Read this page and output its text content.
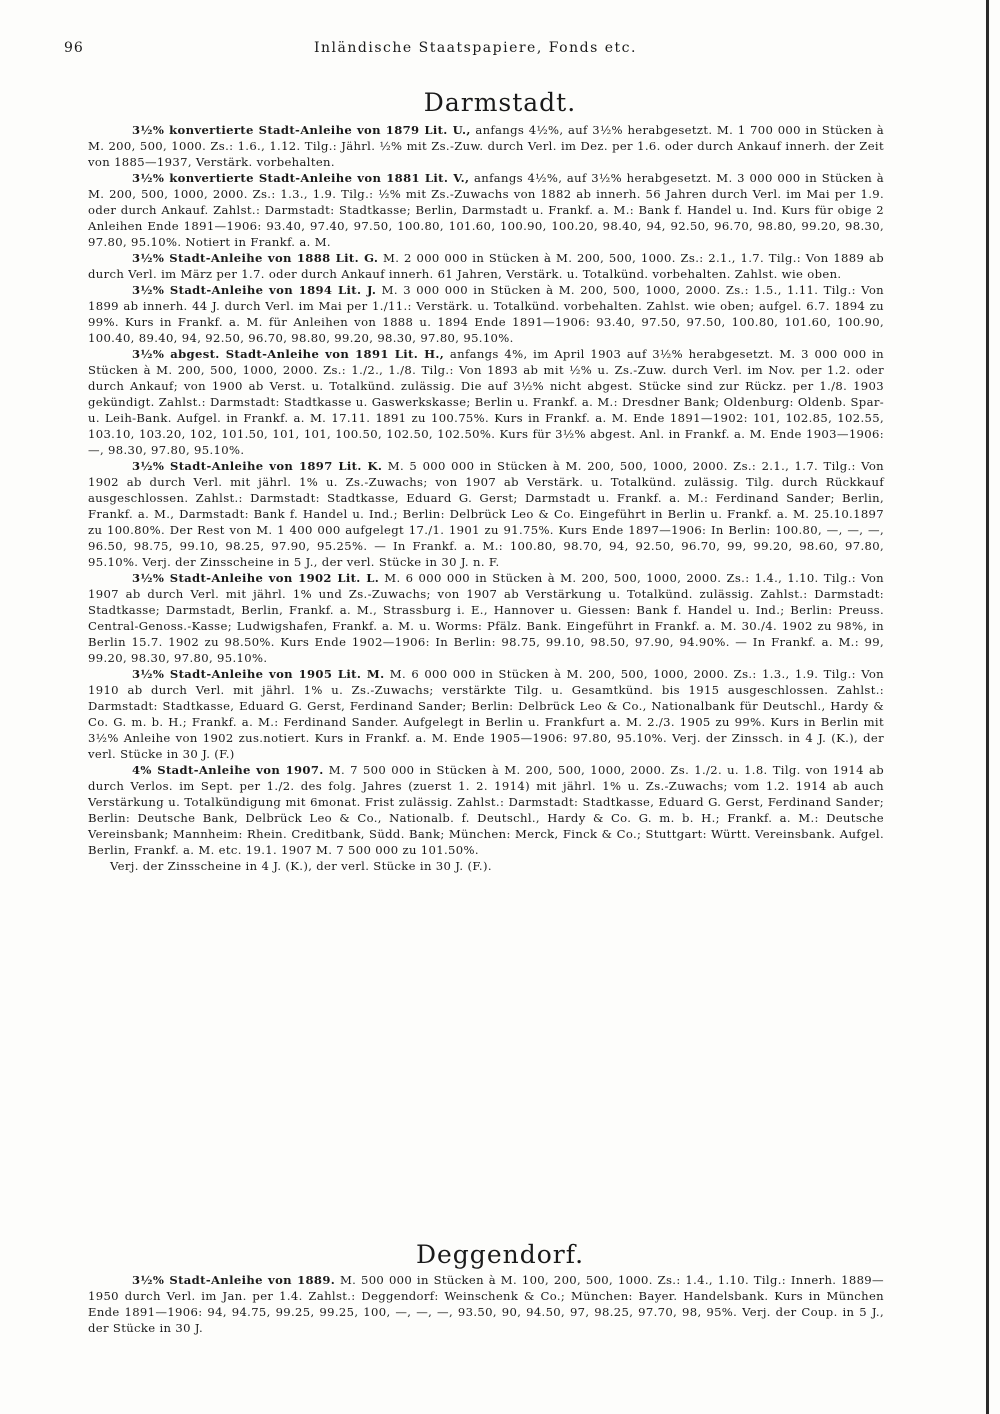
96	Inländische Staatspapiere, Fonds etc.
Darmstadt.

3½% konvertierte Stadt-Anleihe von 1879 Lit. U., anfangs 4½%, auf 3½% herabgesetzt. M. 1 700 000 in Stücken à M. 200, 500, 1000. Zs.: 1.6., 1.12. Tilg.: Jährl. ½% mit Zs.-Zuw. durch Verl. im Dez. per 1.6. oder durch Ankauf innerh. der Zeit von 1885—1937, Verstärk. vorbehalten.

3½% konvertierte Stadt-Anleihe von 1881 Lit. V., anfangs 4½%, auf 3½% herabgesetzt. M. 3 000 000 in Stücken à M. 200, 500, 1000, 2000. Zs.: 1.3., 1.9. Tilg.: ½% mit Zs.-Zuwachs von 1882 ab innerh. 56 Jahren durch Verl. im Mai per 1.9. oder durch Ankauf. Zahlst.: Darmstadt: Stadtkasse; Berlin, Darmstadt u. Frankf. a. M.: Bank f. Handel u. Ind. Kurs für obige 2 Anleihen Ende 1891—1906: 93.40, 97.40, 97.50, 100.80, 101.60, 100.90, 100.20, 98.40, 94, 92.50, 96.70, 98.80, 99.20, 98.30, 97.80, 95.10%. Notiert in Frankf. a. M.

3½% Stadt-Anleihe von 1888 Lit. G. M. 2 000 000 in Stücken à M. 200, 500, 1000. Zs.: 2.1., 1.7. Tilg.: Von 1889 ab durch Verl. im März per 1.7. oder durch Ankauf innerh. 61 Jahren, Verstärk. u. Totalkünd. vorbehalten. Zahlst. wie oben.

3½% Stadt-Anleihe von 1894 Lit. J. M. 3 000 000 in Stücken à M. 200, 500, 1000, 2000. Zs.: 1.5., 1.11. Tilg.: Von 1899 ab innerh. 44 J. durch Verl. im Mai per 1./11.: Verstärk. u. Totalkünd. vorbehalten. Zahlst. wie oben; aufgel. 6.7. 1894 zu 99%. Kurs in Frankf. a. M. für Anleihen von 1888 u. 1894 Ende 1891—1906: 93.40, 97.50, 97.50, 100.80, 101.60, 100.90, 100.40, 89.40, 94, 92.50, 96.70, 98.80, 99.20, 98.30, 97.80, 95.10%.

3½% abgest. Stadt-Anleihe von 1891 Lit. H., anfangs 4%, im April 1903 auf 3½% herabgesetzt. M. 3 000 000 in Stücken à M. 200, 500, 1000, 2000. Zs.: 1./2., 1./8. Tilg.: Von 1893 ab mit ½% u. Zs.-Zuw. durch Verl. im Nov. per 1.2. oder durch Ankauf; von 1900 ab Verst. u. Totalkünd. zulässig. Die auf 3½% nicht abgest. Stücke sind zur Rückz. per 1./8. 1903 gekündigt. Zahlst.: Darmstadt: Stadtkasse u. Gaswerkskasse; Berlin u. Frankf. a. M.: Dresdner Bank; Oldenburg: Oldenb. Spar- u. Leih-Bank. Aufgel. in Frankf. a. M. 17.11. 1891 zu 100.75%. Kurs in Frankf. a. M. Ende 1891—1902: 101, 102.85, 102.55, 103.10, 103.20, 102, 101.50, 101, 101, 100.50, 102.50, 102.50%. Kurs für 3½% abgest. Anl. in Frankf. a. M. Ende 1903—1906: —, 98.30, 97.80, 95.10%.

3½% Stadt-Anleihe von 1897 Lit. K. M. 5 000 000 in Stücken à M. 200, 500, 1000, 2000. Zs.: 2.1., 1.7. Tilg.: Von 1902 ab durch Verl. mit jährl. 1% u. Zs.-Zuwachs; von 1907 ab Verstärk. u. Totalkünd. zulässig. Tilg. durch Rückkauf ausgeschlossen. Zahlst.: Darmstadt: Stadtkasse, Eduard G. Gerst; Darmstadt u. Frankf. a. M.: Ferdinand Sander; Berlin, Frankf. a. M., Darmstadt: Bank f. Handel u. Ind.; Berlin: Delbrück Leo & Co. Eingeführt in Berlin u. Frankf. a. M. 25.10.1897 zu 100.80%. Der Rest von M. 1 400 000 aufgelegt 17./1. 1901 zu 91.75%. Kurs Ende 1897—1906: In Berlin: 100.80, —, —, —, 96.50, 98.75, 99.10, 98.25, 97.90, 95.25%. — In Frankf. a. M.: 100.80, 98.70, 94, 92.50, 96.70, 99, 99.20, 98.60, 97.80, 95.10%. Verj. der Zinsscheine in 5 J., der verl. Stücke in 30 J. n. F.

3½% Stadt-Anleihe von 1902 Lit. L. M. 6 000 000 in Stücken à M. 200, 500, 1000, 2000. Zs.: 1.4., 1.10. Tilg.: Von 1907 ab durch Verl. mit jährl. 1% und Zs.-Zuwachs; von 1907 ab Verstärkung u. Totalkünd. zulässig. Zahlst.: Darmstadt: Stadtkasse; Darmstadt, Berlin, Frankf. a. M., Strassburg i. E., Hannover u. Giessen: Bank f. Handel u. Ind.; Berlin: Preuss. Central-Genoss.-Kasse; Ludwigshafen, Frankf. a. M. u. Worms: Pfälz. Bank. Eingeführt in Frankf. a. M. 30./4. 1902 zu 98%, in Berlin 15.7. 1902 zu 98.50%. Kurs Ende 1902—1906: In Berlin: 98.75, 99.10, 98.50, 97.90, 94.90%. — In Frankf. a. M.: 99, 99.20, 98.30, 97.80, 95.10%.

3½% Stadt-Anleihe von 1905 Lit. M. M. 6 000 000 in Stücken à M. 200, 500, 1000, 2000. Zs.: 1.3., 1.9. Tilg.: Von 1910 ab durch Verl. mit jährl. 1% u. Zs.-Zuwachs; verstärkte Tilg. u. Gesamtkünd. bis 1915 ausgeschlossen. Zahlst.: Darmstadt: Stadtkasse, Eduard G. Gerst, Ferdinand Sander; Berlin: Delbrück Leo & Co., Nationalbank für Deutschl., Hardy & Co. G. m. b. H.; Frankf. a. M.: Ferdinand Sander. Aufgelegt in Berlin u. Frankfurt a. M. 2./3. 1905 zu 99%. Kurs in Berlin mit 3½% Anleihe von 1902 zus.notiert. Kurs in Frankf. a. M. Ende 1905—1906: 97.80, 95.10%. Verj. der Zinssch. in 4 J. (K.), der verl. Stücke in 30 J. (F.)

4% Stadt-Anleihe von 1907. M. 7 500 000 in Stücken à M. 200, 500, 1000, 2000. Zs. 1./2. u. 1.8. Tilg. von 1914 ab durch Verlos. im Sept. per 1./2. des folg. Jahres (zuerst 1. 2. 1914) mit jährl. 1% u. Zs.-Zuwachs; vom 1.2. 1914 ab auch Verstärkung u. Totalkündigung mit 6monat. Frist zulässig. Zahlst.: Darmstadt: Stadtkasse, Eduard G. Gerst, Ferdinand Sander; Berlin: Deutsche Bank, Delbrück Leo & Co., Nationalb. f. Deutschl., Hardy & Co. G. m. b. H.; Frankf. a. M.: Deutsche Vereinsbank; Mannheim: Rhein. Creditbank, Südd. Bank; München: Merck, Finck & Co.; Stuttgart: Württ. Vereinsbank. Aufgel. Berlin, Frankf. a. M. etc. 19.1. 1907 M. 7 500 000 zu 101.50%.

Verj. der Zinsscheine in 4 J. (K.), der verl. Stücke in 30 J. (F.).

Deggendorf.

3½% Stadt-Anleihe von 1889. M. 500 000 in Stücken à M. 100, 200, 500, 1000. Zs.: 1.4., 1.10. Tilg.: Innerh. 1889—1950 durch Verl. im Jan. per 1.4. Zahlst.: Deggendorf: Weinschenk & Co.; München: Bayer. Handelsbank. Kurs in München Ende 1891—1906: 94, 94.75, 99.25, 99.25, 100, —, —, —, 93.50, 90, 94.50, 97, 98.25, 97.70, 98, 95%. Verj. der Coup. in 5 J., der Stücke in 30 J.
